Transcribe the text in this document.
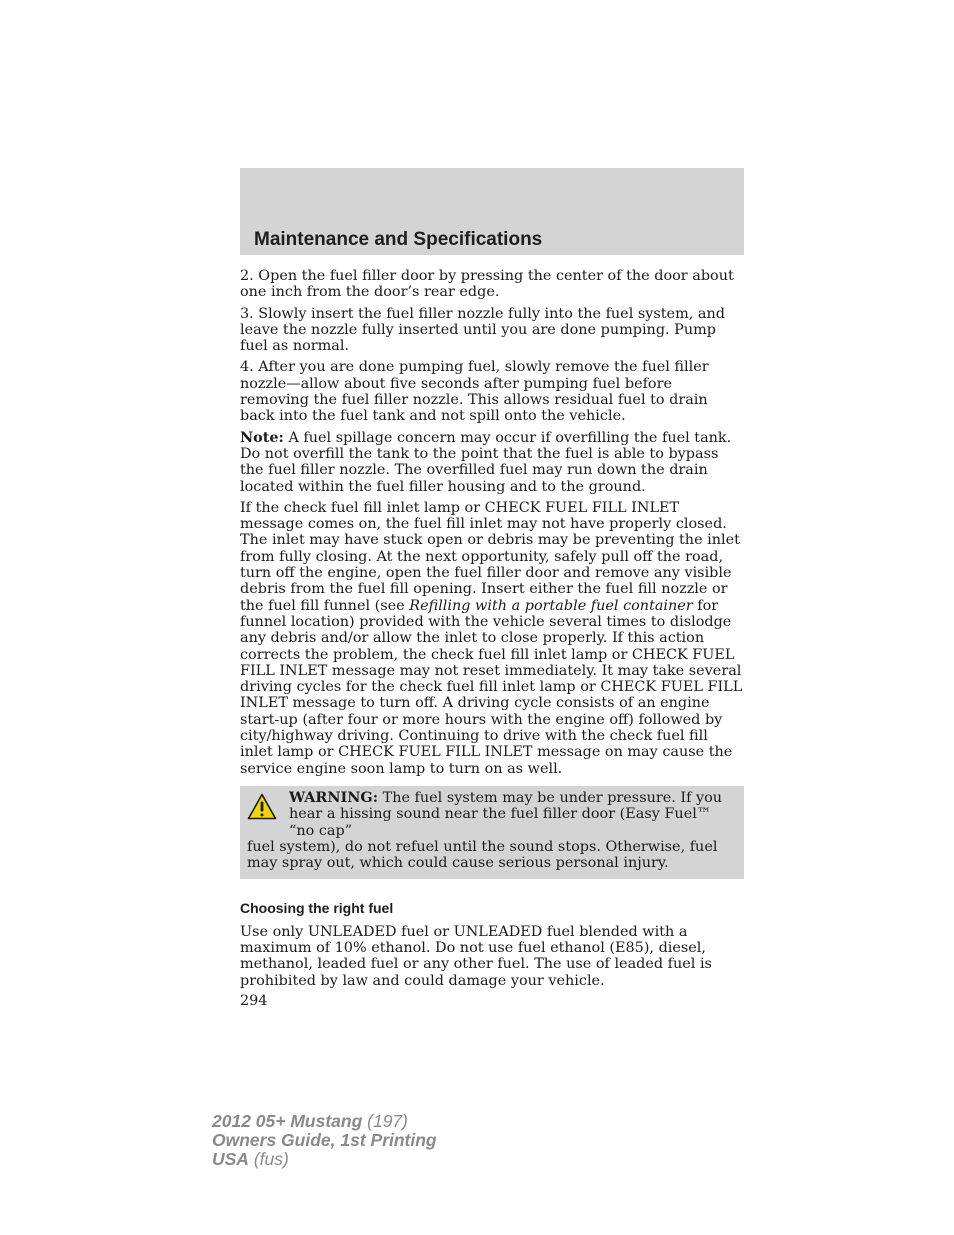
Maintenance and Specifications

2. Open the fuel filler door by pressing the center of the door about one inch from the door’s rear edge.

3. Slowly insert the fuel filler nozzle fully into the fuel system, and leave the nozzle fully inserted until you are done pumping. Pump fuel as normal.

4. After you are done pumping fuel, slowly remove the fuel filler nozzle—allow about five seconds after pumping fuel before removing the fuel filler nozzle. This allows residual fuel to drain back into the fuel tank and not spill onto the vehicle.

Note: A fuel spillage concern may occur if overfilling the fuel tank. Do not overfill the tank to the point that the fuel is able to bypass the fuel filler nozzle. The overfilled fuel may run down the drain located within the fuel filler housing and to the ground.

If the check fuel fill inlet lamp or CHECK FUEL FILL INLET message comes on, the fuel fill inlet may not have properly closed. The inlet may have stuck open or debris may be preventing the inlet from fully closing. At the next opportunity, safely pull off the road, turn off the engine, open the fuel filler door and remove any visible debris from the fuel fill opening. Insert either the fuel fill nozzle or the fuel fill funnel (see Refilling with a portable fuel container for funnel location) provided with the vehicle several times to dislodge any debris and/or allow the inlet to close properly. If this action corrects the problem, the check fuel fill inlet lamp or CHECK FUEL FILL INLET message may not reset immediately. It may take several driving cycles for the check fuel fill inlet lamp or CHECK FUEL FILL INLET message to turn off. A driving cycle consists of an engine start-up (after four or more hours with the engine off) followed by city/highway driving. Continuing to drive with the check fuel fill inlet lamp or CHECK FUEL FILL INLET message on may cause the service engine soon lamp to turn on as well.

WARNING: The fuel system may be under pressure. If you hear a hissing sound near the fuel filler door (Easy Fuel™ “no cap”
fuel system), do not refuel until the sound stops. Otherwise, fuel may spray out, which could cause serious personal injury.
Choosing the right fuel

Use only UNLEADED fuel or UNLEADED fuel blended with a maximum of 10% ethanol. Do not use fuel ethanol (E85), diesel, methanol, leaded fuel or any other fuel. The use of leaded fuel is prohibited by law and could damage your vehicle.

294
2012 05+ Mustang (197)
Owners Guide, 1st Printing
USA (fus)
